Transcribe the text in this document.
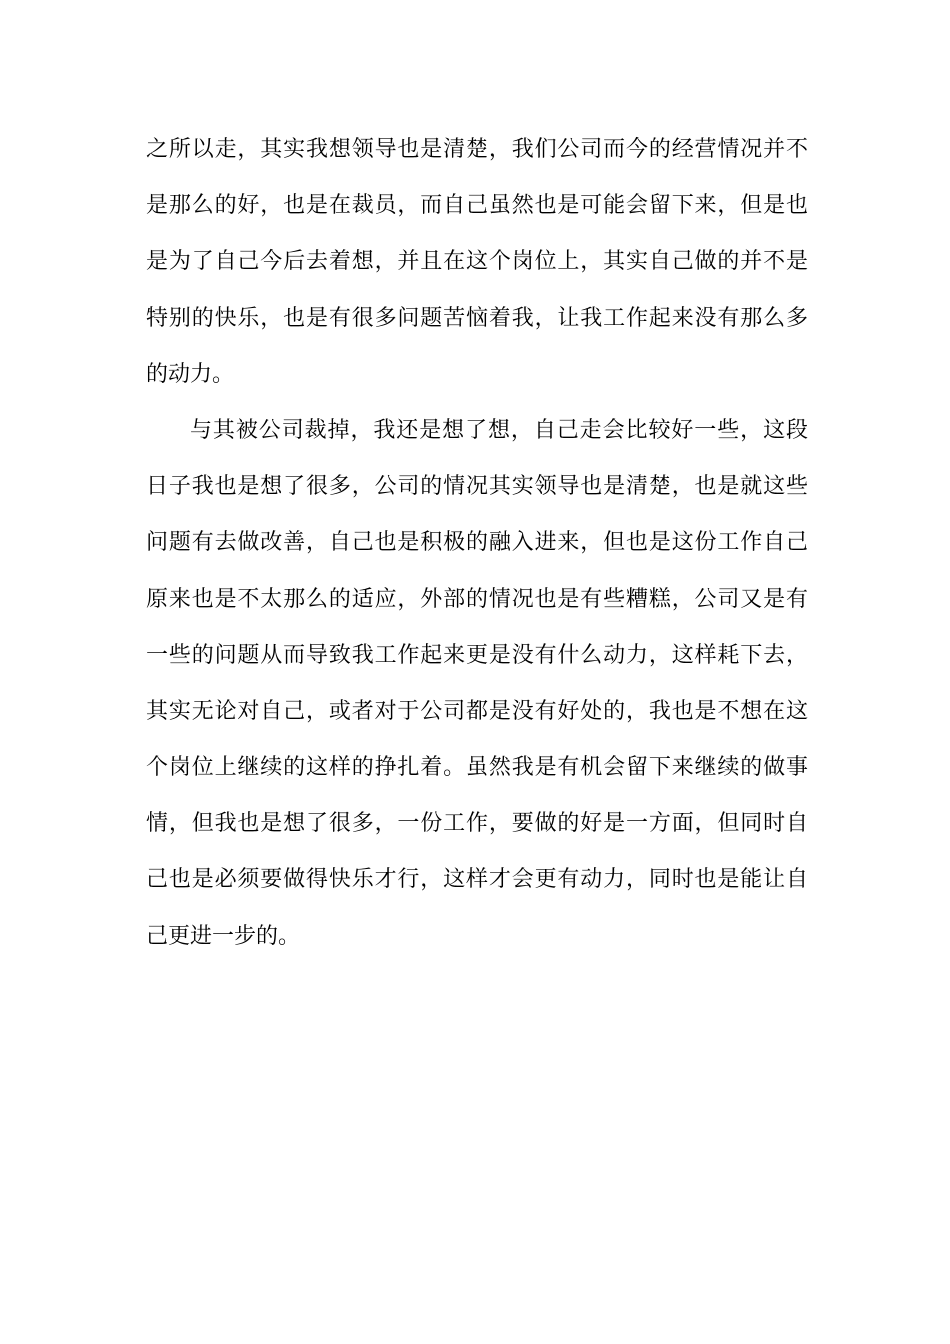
之所以走，其实我想领导也是清楚，我们公司而今的经营情况并不
是那么的好，也是在裁员，而自己虽然也是可能会留下来，但是也
是为了自己今后去着想，并且在这个岗位上，其实自己做的并不是
特别的快乐，也是有很多问题苦恼着我，让我工作起来没有那么多
的动力。
与其被公司裁掉，我还是想了想，自己走会比较好一些，这段
日子我也是想了很多，公司的情况其实领导也是清楚，也是就这些
问题有去做改善，自己也是积极的融入进来，但也是这份工作自己
原来也是不太那么的适应，外部的情况也是有些糟糕，公司又是有
一些的问题从而导致我工作起来更是没有什么动力，这样耗下去，
其实无论对自己，或者对于公司都是没有好处的，我也是不想在这
个岗位上继续的这样的挣扎着。虽然我是有机会留下来继续的做事
情，但我也是想了很多，一份工作，要做的好是一方面，但同时自
己也是必须要做得快乐才行，这样才会更有动力，同时也是能让自
己更进一步的。
